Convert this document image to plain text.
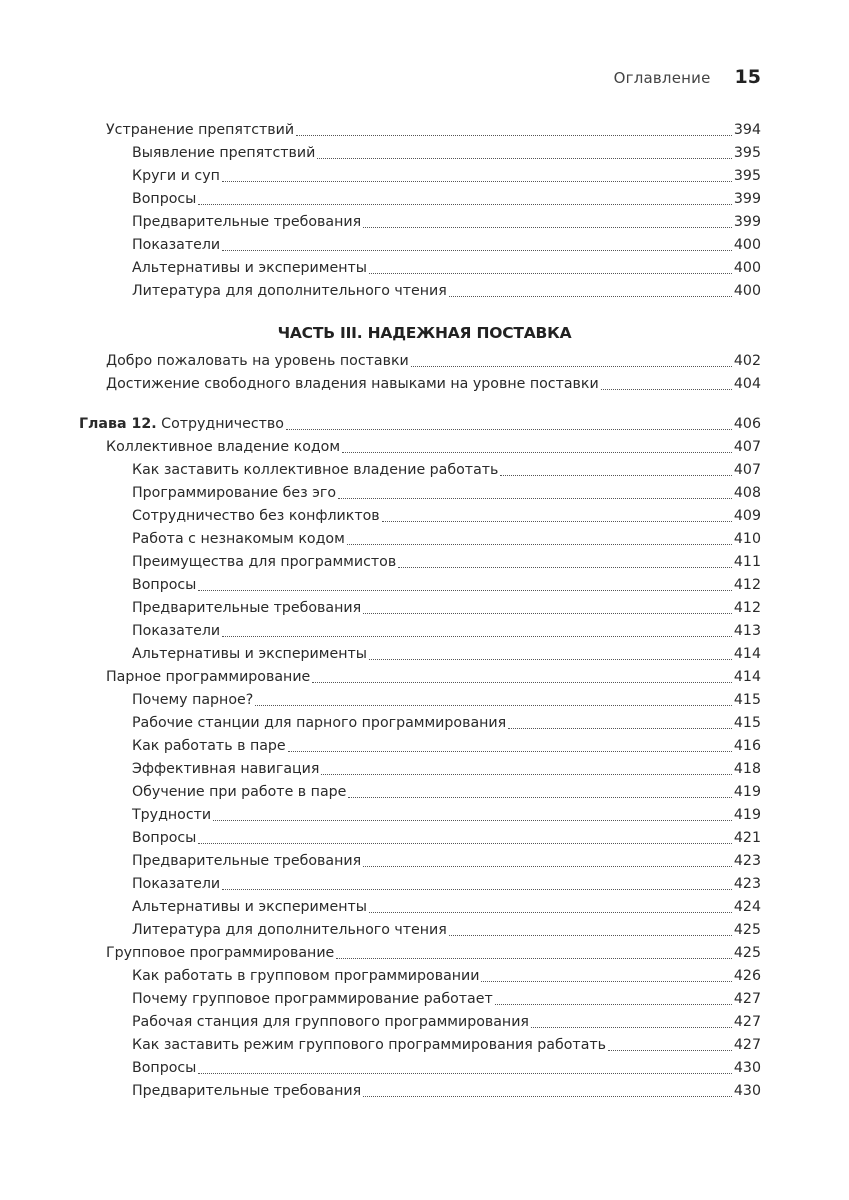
Оглавление 15
Устранение препятствий	394
Выявление препятствий	395
Круги и суп	395
Вопросы	399
Предварительные требования	399
Показатели	400
Альтернативы и эксперименты	400
Литература для дополнительного чтения	400
ЧАСТЬ III. НАДЕЖНАЯ ПОСТАВКА
Добро пожаловать на уровень поставки	402
Достижение свободного владения навыками на уровне поставки	404
Глава 12. Сотрудничество	406
Коллективное владение кодом	407
Как заставить коллективное владение работать	407
Программирование без эго	408
Сотрудничество без конфликтов	409
Работа с незнакомым кодом	410
Преимущества для программистов	411
Вопросы	412
Предварительные требования	412
Показатели	413
Альтернативы и эксперименты	414
Парное программирование	414
Почему парное?	415
Рабочие станции для парного программирования	415
Как работать в паре	416
Эффективная навигация	418
Обучение при работе в паре	419
Трудности	419
Вопросы	421
Предварительные требования	423
Показатели	423
Альтернативы и эксперименты	424
Литература для дополнительного чтения	425
Групповое программирование	425
Как работать в групповом программировании	426
Почему групповое программирование работает	427
Рабочая станция для группового программирования	427
Как заставить режим группового программирования работать	427
Вопросы	430
Предварительные требования	430
